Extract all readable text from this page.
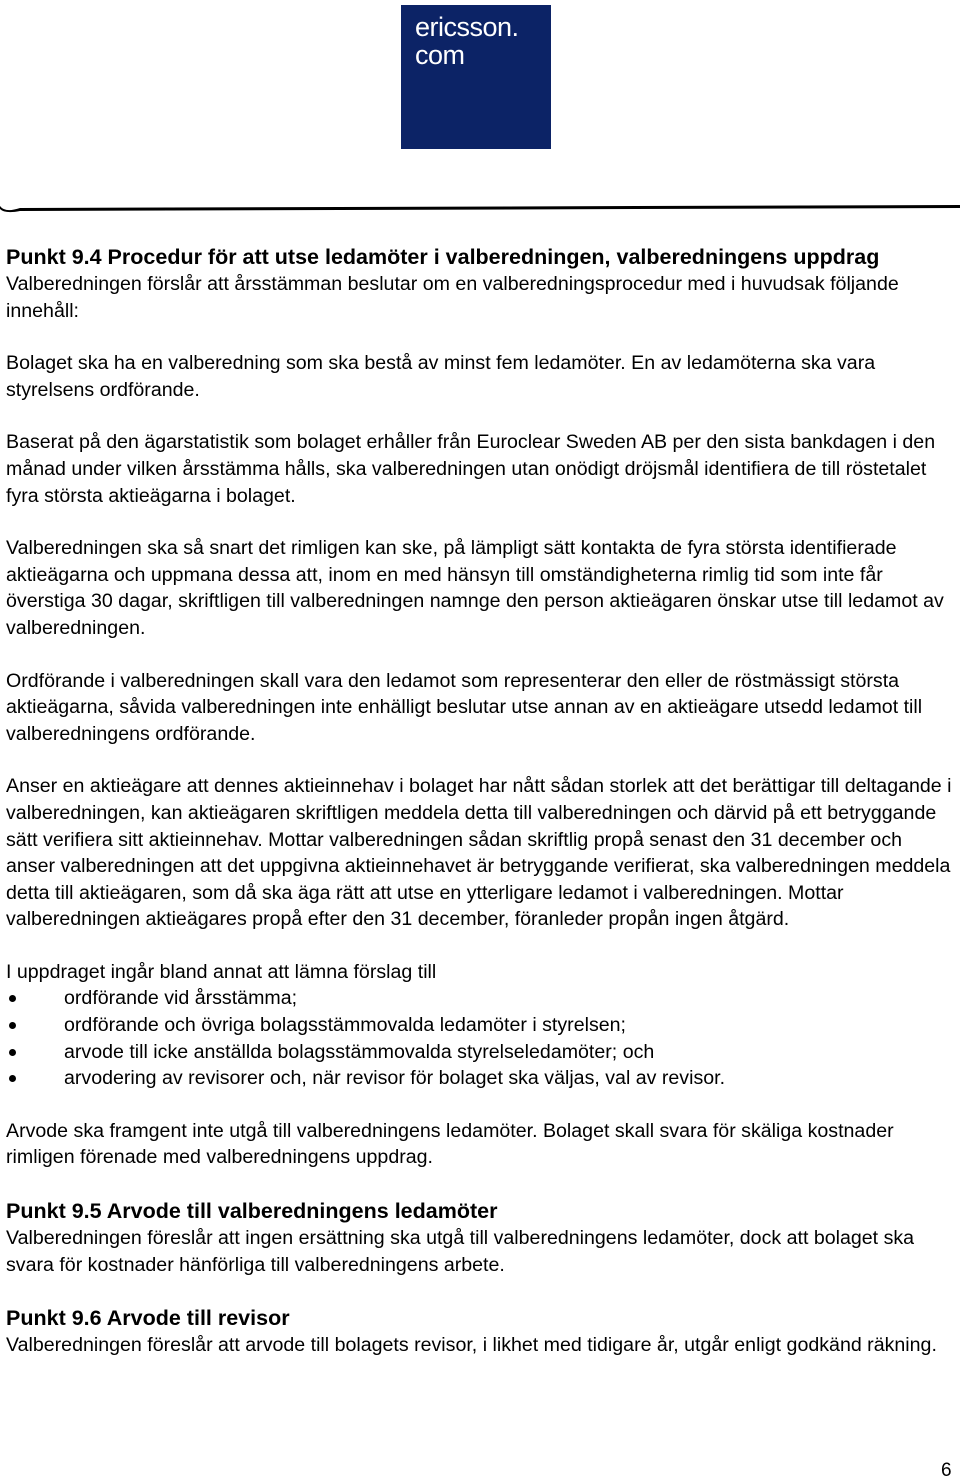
ericsson.
com
Punkt 9.4 Procedur för att utse ledamöter i valberedningen, valberedningens uppdrag

Valberedningen förslår att årsstämman beslutar om en valberedningsprocedur med i huvudsak följande innehåll:

Bolaget ska ha en valberedning som ska bestå av minst fem ledamöter. En av ledamöterna ska vara styrelsens ordförande.

Baserat på den ägarstatistik som bolaget erhåller från Euroclear Sweden AB per den sista bankdagen i den månad under vilken årsstämma hålls, ska valberedningen utan onödigt dröjsmål identifiera de till röstetalet fyra största aktieägarna i bolaget.

Valberedningen ska så snart det rimligen kan ske, på lämpligt sätt kontakta de fyra största identifierade aktieägarna och uppmana dessa att, inom en med hänsyn till omständigheterna rimlig tid som inte får överstiga 30 dagar, skriftligen till valberedningen namnge den person aktieägaren önskar utse till ledamot av valberedningen.

Ordförande i valberedningen skall vara den ledamot som representerar den eller de röstmässigt största aktieägarna, såvida valberedningen inte enhälligt beslutar utse annan av en aktieägare utsedd ledamot till valberedningens ordförande.

Anser en aktieägare att dennes aktieinnehav i bolaget har nått sådan storlek att det berättigar till deltagande i valberedningen, kan aktieägaren skriftligen meddela detta till valberedningen och därvid på ett betryggande sätt verifiera sitt aktieinnehav. Mottar valberedningen sådan skriftlig propå senast den 31 december och anser valberedningen att det uppgivna aktieinnehavet är betryggande verifierat, ska valberedningen meddela detta till aktieägaren, som då ska äga rätt att utse en ytterligare ledamot i valberedningen. Mottar valberedningen aktieägares propå efter den 31 december, föranleder propån ingen åtgärd.

I uppdraget ingår bland annat att lämna förslag till

ordförande vid årsstämma;
ordförande och övriga bolagsstämmovalda ledamöter i styrelsen;
arvode till icke anställda bolagsstämmovalda styrelseledamöter; och
arvodering av revisorer och, när revisor för bolaget ska väljas, val av revisor.

Arvode ska framgent inte utgå till valberedningens ledamöter. Bolaget skall svara för skäliga kostnader rimligen förenade med valberedningens uppdrag.

Punkt 9.5 Arvode till valberedningens ledamöter

Valberedningen föreslår att ingen ersättning ska utgå till valberedningens ledamöter, dock att bolaget ska svara för kostnader hänförliga till valberedningens arbete.

Punkt 9.6 Arvode till revisor

Valberedningen föreslår att arvode till bolagets revisor, i likhet med tidigare år, utgår enligt godkänd räkning.

6
